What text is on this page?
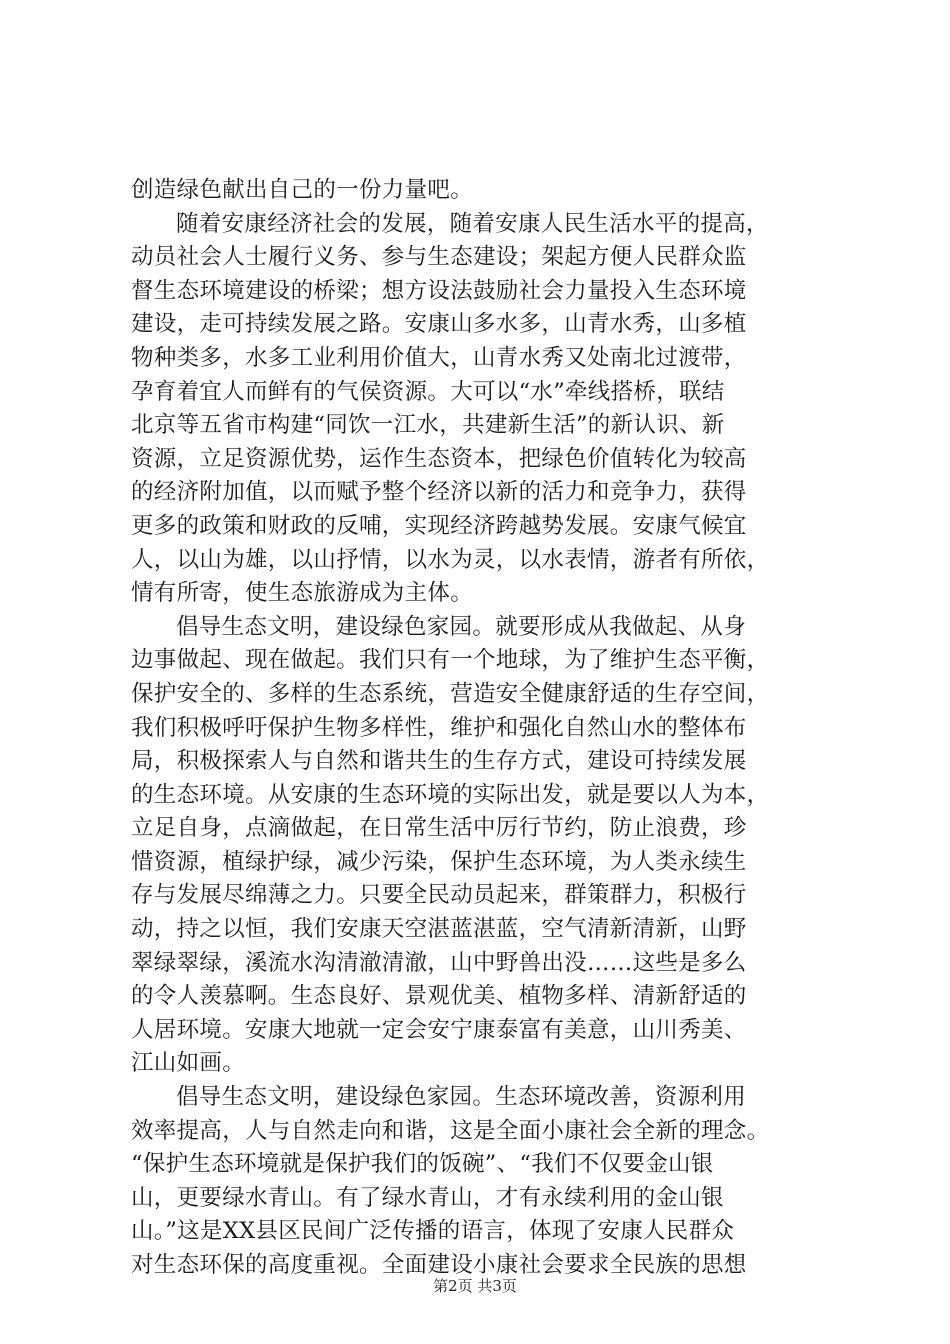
创造绿色献出自己的一份力量吧。
随着安康经济社会的发展，随着安康人民生活水平的提高，
动员社会人士履行义务、参与生态建设；架起方便人民群众监
督生态环境建设的桥梁；想方设法鼓励社会力量投入生态环境
建设，走可持续发展之路。安康山多水多，山青水秀，山多植
物种类多，水多工业利用价值大，山青水秀又处南北过渡带，
孕育着宜人而鲜有的气侯资源。大可以“水”牵线搭桥，联结
北京等五省市构建“同饮一江水，共建新生活”的新认识、新
资源，立足资源优势，运作生态资本，把绿色价值转化为较高
的经济附加值，以而赋予整个经济以新的活力和竞争力，获得
更多的政策和财政的反哺，实现经济跨越势发展。安康气候宜
人，以山为雄，以山抒情，以水为灵，以水表情，游者有所依，
情有所寄，使生态旅游成为主体。
倡导生态文明，建设绿色家园。就要形成从我做起、从身
边事做起、现在做起。我们只有一个地球，为了维护生态平衡，
保护安全的、多样的生态系统，营造安全健康舒适的生存空间，
我们积极呼吁保护生物多样性，维护和强化自然山水的整体布
局，积极探索人与自然和谐共生的生存方式，建设可持续发展
的生态环境。从安康的生态环境的实际出发，就是要以人为本，
立足自身，点滴做起，在日常生活中厉行节约，防止浪费，珍
惜资源，植绿护绿，减少污染，保护生态环境，为人类永续生
存与发展尽绵薄之力。只要全民动员起来，群策群力，积极行
动，持之以恒，我们安康天空湛蓝湛蓝，空气清新清新，山野
翠绿翠绿，溪流水沟清澈清澈，山中野兽出没……这些是多么
的令人羡慕啊。生态良好、景观优美、植物多样、清新舒适的
人居环境。安康大地就一定会安宁康泰富有美意，山川秀美、
江山如画。
倡导生态文明，建设绿色家园。生态环境改善，资源利用
效率提高，人与自然走向和谐，这是全面小康社会全新的理念。
“保护生态环境就是保护我们的饭碗”、“我们不仅要金山银
山，更要绿水青山。有了绿水青山，才有永续利用的金山银
山。”这是XX县区民间广泛传播的语言，体现了安康人民群众
对生态环保的高度重视。全面建设小康社会要求全民族的思想
第2页 共3页
